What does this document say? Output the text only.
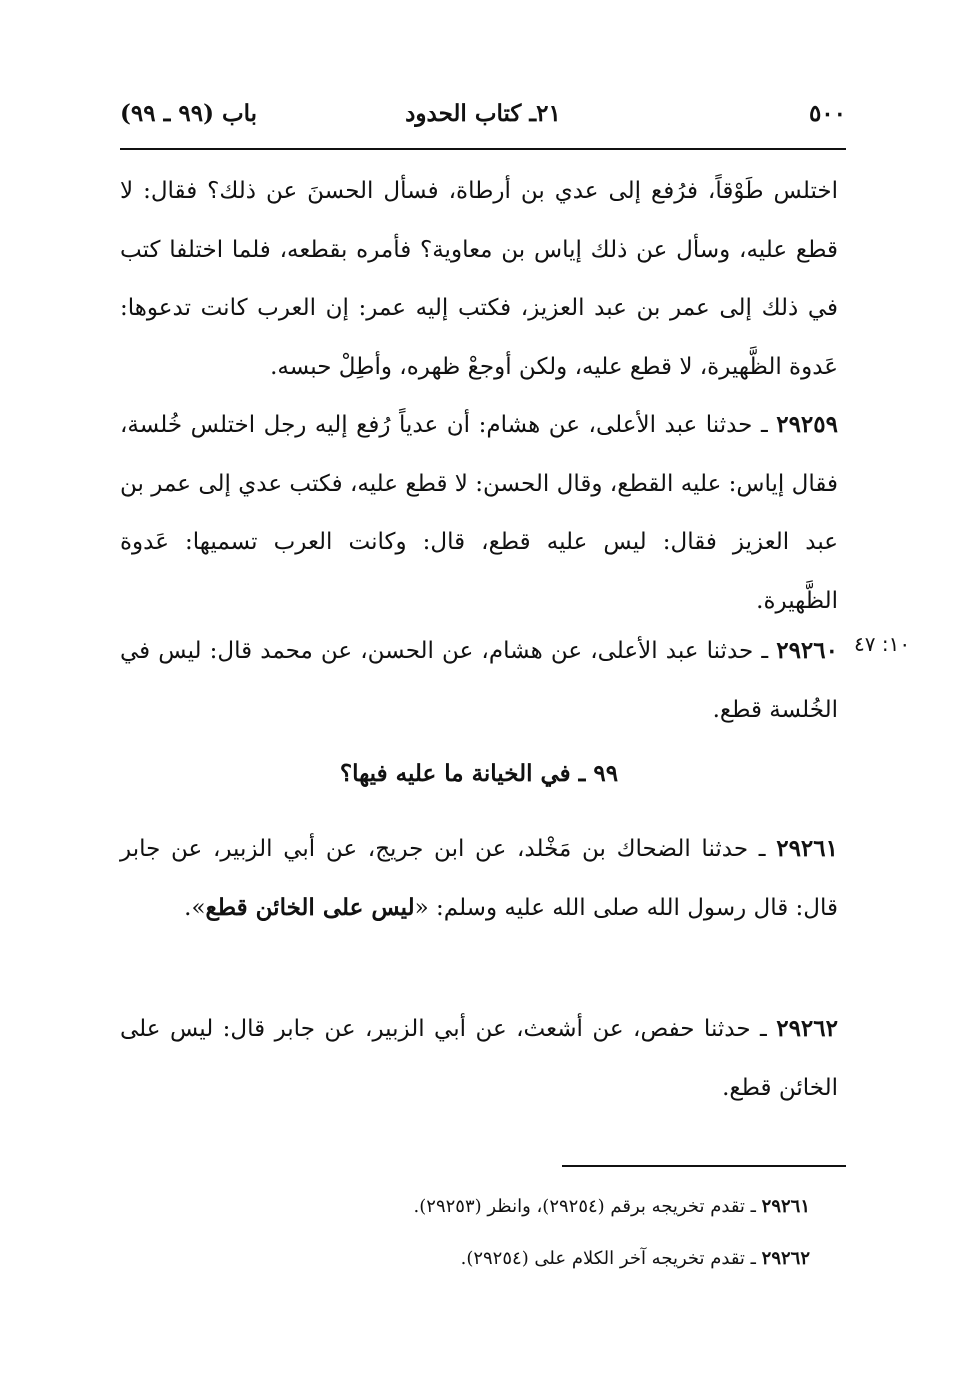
٥٠٠
٢١ـ كتاب الحدود
باب (٩٩ ـ ٩٩)

اختلس طَوْقاً، فرُفع إلى عدي بن أرطاة، فسأل الحسنَ عن ذلك؟ فقال: لا قطع عليه، وسأل عن ذلك إياس بن معاوية؟ فأمره بقطعه، فلما اختلفا كتب في ذلك إلى عمر بن عبد العزيز، فكتب إليه عمر: إن العرب كانت تدعوها: عَدوة الظَّهيرة، لا قطع عليه، ولكن أوجعْ ظهره، وأطِلْ حبسه.

٢٩٢٥٩ ـ حدثنا عبد الأعلى، عن هشام: أن عدياً رُفع إليه رجل اختلس خُلسة، فقال إياس: عليه القطع، وقال الحسن: لا قطع عليه، فكتب عدي إلى عمر بن عبد العزيز فقال: ليس عليه قطع، قال: وكانت العرب تسميها: عَدوة الظَّهيرة.

١٠: ٤٧

٢٩٢٦٠ ـ حدثنا عبد الأعلى، عن هشام، عن الحسن، عن محمد قال: ليس في الخُلسة قطع.

٩٩ ـ في الخيانة ما عليه فيها؟

٢٩٢٦١ ـ حدثنا الضحاك بن مَخْلد، عن ابن جريج، عن أبي الزبير، عن جابر قال: قال رسول الله صلى الله عليه وسلم: «ليس على الخائن قطع».

٢٩٢٦٢ ـ حدثنا حفص، عن أشعث، عن أبي الزبير، عن جابر قال: ليس على الخائن قطع.

٢٩٢٦١ ـ تقدم تخريجه برقم (٢٩٢٥٤)، وانظر (٢٩٢٥٣).
٢٩٢٦٢ ـ تقدم تخريجه آخر الكلام على (٢٩٢٥٤).
